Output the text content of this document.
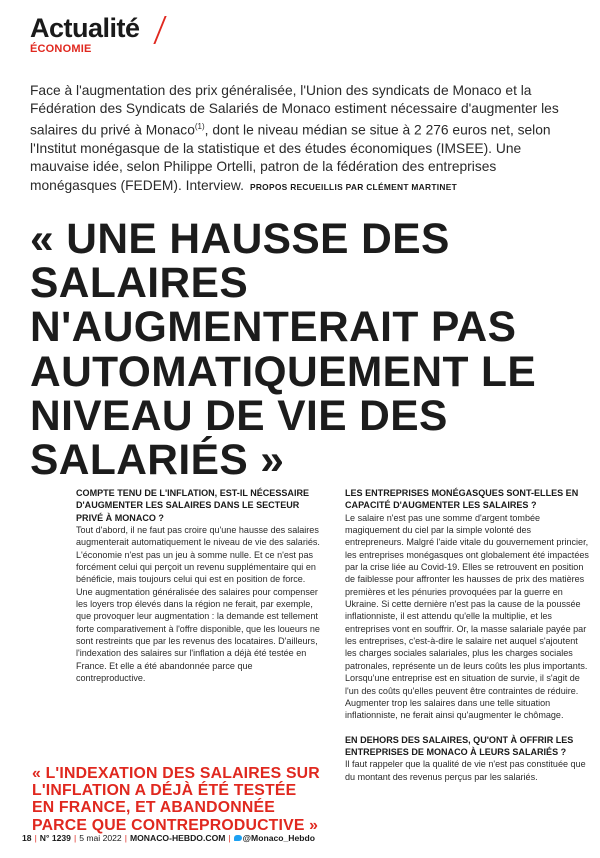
Actualité
ÉCONOMIE

Face à l'augmentation des prix généralisée, l'Union des syndicats de Monaco et la Fédération des Syndicats de Salariés de Monaco estiment nécessaire d'augmenter les salaires du privé à Monaco$^{(1)}$, dont le niveau médian se situe à 2 276 euros net, selon l'Institut monégasque de la statistique et des études économiques (IMSEE). Une mauvaise idée, selon Philippe Ortelli, patron de la fédération des entreprises monégasques (FEDEM). Interview. PROPOS RECUEILLIS PAR CLÉMENT MARTINET

« UNE HAUSSE DES SALAIRES N'AUGMENTERAIT PAS AUTOMATIQUEMENT LE NIVEAU DE VIE DES SALARIÉS »

COMPTE TENU DE L'INFLATION, EST-IL NÉCESSAIRE D'AUGMENTER LES SALAIRES DANS LE SECTEUR PRIVÉ À MONACO ?

Tout d'abord, il ne faut pas croire qu'une hausse des salaires augmenterait automatiquement le niveau de vie des salariés. L'économie n'est pas un jeu à somme nulle. Et ce n'est pas forcément celui qui perçoit un revenu supplémentaire qui en bénéficie, mais toujours celui qui est en position de force. Une augmentation généralisée des salaires pour compenser les loyers trop élevés dans la région ne ferait, par exemple, que provoquer leur augmentation : la demande est tellement forte comparativement à l'offre disponible, que les loueurs ne sont restreints que par les revenus des locataires. D'ailleurs, l'indexation des salaires sur l'inflation a déjà été testée en France. Et elle a été abandonnée parce que contreproductive.

« L'INDEXATION DES SALAIRES SUR L'INFLATION A DÉJÀ ÉTÉ TESTÉE EN FRANCE, ET ABANDONNÉE PARCE QUE CONTREPRODUCTIVE »

LES ENTREPRISES MONÉGASQUES SONT-ELLES EN CAPACITÉ D'AUGMENTER LES SALAIRES ?

Le salaire n'est pas une somme d'argent tombée magiquement du ciel par la simple volonté des entrepreneurs. Malgré l'aide vitale du gouvernement princier, les entreprises monégasques ont globalement été impactées par la crise liée au Covid-19. Elles se retrouvent en position de faiblesse pour affronter les hausses de prix des matières premières et les pénuries provoquées par la guerre en Ukraine. Si cette dernière n'est pas la cause de la poussée inflationniste, il est attendu qu'elle la multiplie, et les entreprises vont en souffrir. Or, la masse salariale payée par les entreprises, c'est-à-dire le salaire net auquel s'ajoutent les charges sociales salariales, plus les charges sociales patronales, représente un de leurs coûts les plus importants. Lorsqu'une entreprise est en situation de survie, il s'agit de l'un des coûts qu'elles peuvent être contraintes de réduire. Augmenter trop les salaires dans une telle situation inflationniste, ne ferait ainsi qu'augmenter le chômage.

EN DEHORS DES SALAIRES, QU'ONT À OFFRIR LES ENTREPRISES DE MONACO À LEURS SALARIÉS ?

Il faut rappeler que la qualité de vie n'est pas constituée que du montant des revenus perçus par les salariés.

18 | N° 1239 | 5 mai 2022 | MONACO-HEBDO.COM | @Monaco_Hebdo
